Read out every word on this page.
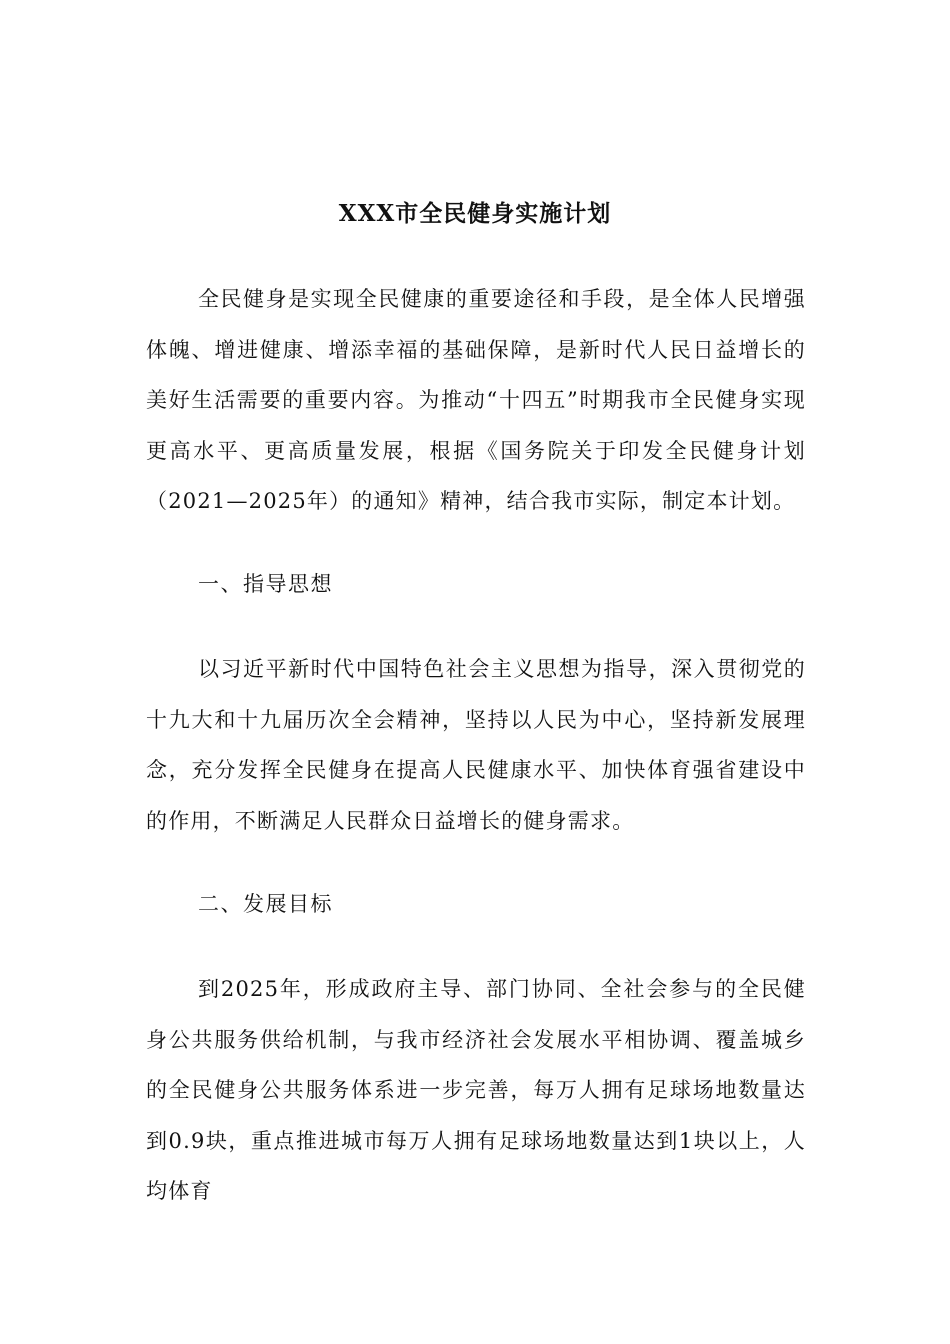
XXX市全民健身实施计划

全民健身是实现全民健康的重要途径和手段，是全体人民增强体魄、增进健康、增添幸福的基础保障，是新时代人民日益增长的美好生活需要的重要内容。为推动“十四五”时期我市全民健身实现更高水平、更高质量发展，根据《国务院关于印发全民健身计划（2021—2025年）的通知》精神，结合我市实际，制定本计划。

一、指导思想

以习近平新时代中国特色社会主义思想为指导，深入贯彻党的十九大和十九届历次全会精神，坚持以人民为中心，坚持新发展理念，充分发挥全民健身在提高人民健康水平、加快体育强省建设中的作用，不断满足人民群众日益增长的健身需求。

二、发展目标

到2025年，形成政府主导、部门协同、全社会参与的全民健身公共服务供给机制，与我市经济社会发展水平相协调、覆盖城乡的全民健身公共服务体系进一步完善，每万人拥有足球场地数量达到0.9块，重点推进城市每万人拥有足球场地数量达到1块以上，人均体育
